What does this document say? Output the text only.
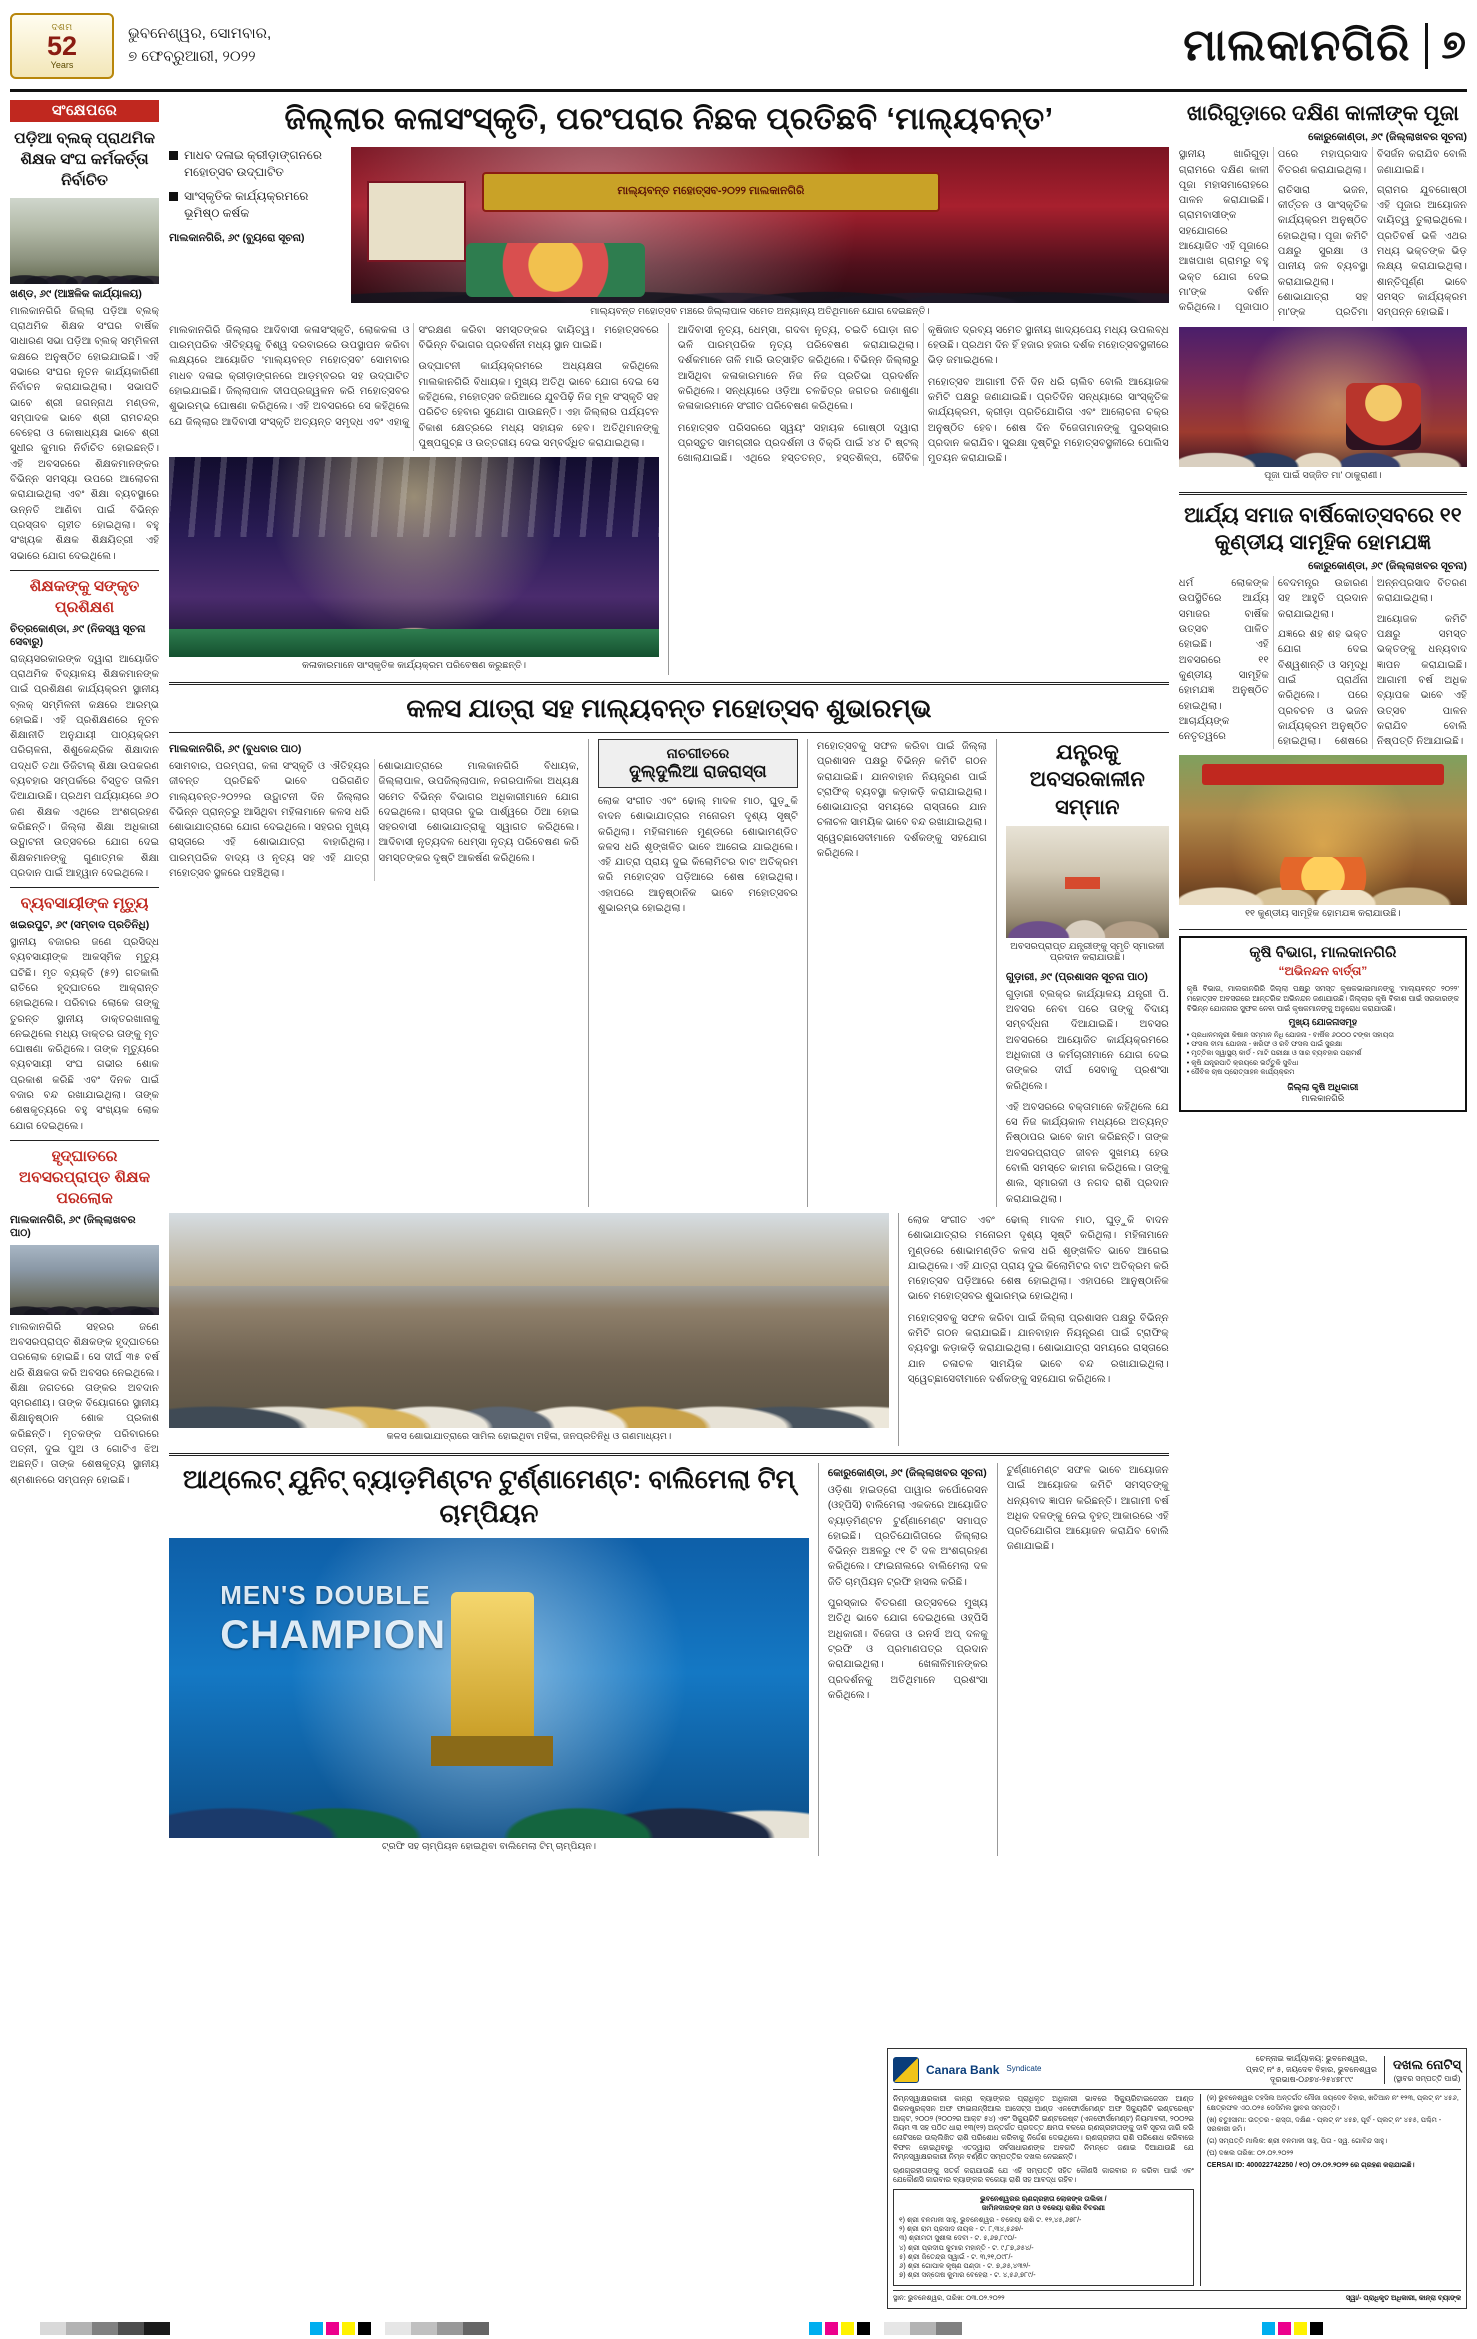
ଦଶମ
52
Years
ଭୁବନେଶ୍ୱର, ସୋମବାର,
୭ ଫେବ୍ରୁଆରୀ, ୨୦୨୨	ମାଲକାନଗିରି ୭
ସଂକ୍ଷେପରେ
ପଡ଼ିଆ ବ୍ଲକ୍ ପ୍ରାଥମିକ ଶିକ୍ଷକ ସଂଘ କର୍ମକର୍ତ୍ତା ନିର୍ବାଚିତ
ଖଣ୍ଡ, ୬୯ (ଆଞ୍ଚଳିକ କାର୍ଯ୍ୟାଳୟ)
ମାଲକାନଗିରି ଜିଲ୍ଲା ପଡ଼ିଆ ବ୍ଲକ୍ ପ୍ରାଥମିକ ଶିକ୍ଷକ ସଂଘର ବାର୍ଷିକ ସାଧାରଣ ସଭା ପଡ଼ିଆ ବ୍ଲକ୍ ସମ୍ମିଳନୀ କକ୍ଷରେ ଅନୁଷ୍ଠିତ ହୋଇଯାଇଛି। ଏହି ସଭାରେ ସଂଘର ନୂତନ କାର୍ଯ୍ୟକାରିଣୀ ନିର୍ବାଚନ କରାଯାଇଥିଲା। ସଭାପତି ଭାବେ ଶ୍ରୀ ଜଗନ୍ନାଥ ମଣ୍ଡଳ, ସମ୍ପାଦକ ଭାବେ ଶ୍ରୀ ରାମଚନ୍ଦ୍ର ବେହେରା ଓ କୋଷାଧ୍ୟକ୍ଷ ଭାବେ ଶ୍ରୀ ସୁଧୀର କୁମାର ନିର୍ବାଚିତ ହୋଇଛନ୍ତି। ଏହି ଅବସରରେ ଶିକ୍ଷକମାନଙ୍କର ବିଭିନ୍ନ ସମସ୍ୟା ଉପରେ ଆଲୋଚନା କରାଯାଇଥିଲା ଏବଂ ଶିକ୍ଷା ବ୍ୟବସ୍ଥାରେ ଉନ୍ନତି ଆଣିବା ପାଇଁ ବିଭିନ୍ନ ପ୍ରସ୍ତାବ ଗୃହୀତ ହୋଇଥିଲା। ବହୁ ସଂଖ୍ୟକ ଶିକ୍ଷକ ଶିକ୍ଷୟିତ୍ରୀ ଏହି ସଭାରେ ଯୋଗ ଦେଇଥିଲେ।
ଶିକ୍ଷକଙ୍କୁ ସଙ୍କୃତ ପ୍ରଶିକ୍ଷଣ
ଚିତ୍ରକୋଣ୍ଡା, ୬୯ (ନିଜସ୍ୱ ସୂଚନା ସେବାରୁ)
ରାଜ୍ୟସରକାରଙ୍କ ଦ୍ୱାରା ଆୟୋଜିତ ପ୍ରାଥମିକ ବିଦ୍ୟାଳୟ ଶିକ୍ଷକମାନଙ୍କ ପାଇଁ ପ୍ରଶିକ୍ଷଣ କାର୍ଯ୍ୟକ୍ରମ ସ୍ଥାନୀୟ ବ୍ଲକ୍ ସମ୍ମିଳନୀ କକ୍ଷରେ ଆରମ୍ଭ ହୋଇଛି। ଏହି ପ୍ରଶିକ୍ଷଣରେ ନୂତନ ଶିକ୍ଷାନୀତି ଅନୁଯାୟୀ ପାଠ୍ୟକ୍ରମ ପରିଚାଳନା, ଶିଶୁକେନ୍ଦ୍ରିକ ଶିକ୍ଷାଦାନ ପଦ୍ଧତି ତଥା ଡିଜିଟାଲ୍ ଶିକ୍ଷା ଉପକରଣ ବ୍ୟବହାର ସମ୍ପର୍କରେ ବିସ୍ତୃତ ତାଲିମ ଦିଆଯାଉଛି। ପ୍ରଥମ ପର୍ଯ୍ୟାୟରେ ୬୦ ଜଣ ଶିକ୍ଷକ ଏଥିରେ ଅଂଶଗ୍ରହଣ କରିଛନ୍ତି। ଜିଲ୍ଲା ଶିକ୍ଷା ଅଧିକାରୀ ଉଦ୍ଘାଟନୀ ଉତ୍ସବରେ ଯୋଗ ଦେଇ ଶିକ୍ଷକମାନଙ୍କୁ ଗୁଣାତ୍ମକ ଶିକ୍ଷା ପ୍ରଦାନ ପାଇଁ ଆହ୍ୱାନ ଦେଇଥିଲେ।
ବ୍ୟବସାୟୀଙ୍କ ମୃତ୍ୟୁ
ଖଇରପୁଟ, ୬୯ (ସମ୍ବାଦ ପ୍ରତିନିଧି)
ସ୍ଥାନୀୟ ବଜାରର ଜଣେ ପ୍ରସିଦ୍ଧ ବ୍ୟବସାୟୀଙ୍କ ଆକସ୍ମିକ ମୃତ୍ୟୁ ଘଟିଛି। ମୃତ ବ୍ୟକ୍ତି (୫୨) ଗତକାଲି ରାତିରେ ହୃଦ୍‌ଘାତରେ ଆକ୍ରାନ୍ତ ହୋଇଥିଲେ। ପରିବାର ଲୋକେ ତାଙ୍କୁ ତୁରନ୍ତ ସ୍ଥାନୀୟ ଡାକ୍ତରଖାନାକୁ ନେଇଥିଲେ ମଧ୍ୟ ଡାକ୍ତର ତାଙ୍କୁ ମୃତ ଘୋଷଣା କରିଥିଲେ। ତାଙ୍କ ମୃତ୍ୟୁରେ ବ୍ୟବସାୟୀ ସଂଘ ଗଭୀର ଶୋକ ପ୍ରକାଶ କରିଛି ଏବଂ ଦିନକ ପାଇଁ ବଜାର ବନ୍ଦ ରଖାଯାଇଥିଲା। ତାଙ୍କ ଶେଷକୃତ୍ୟରେ ବହୁ ସଂଖ୍ୟକ ଲୋକ ଯୋଗ ଦେଇଥିଲେ।
ହୃଦ୍‌ଘାତରେ ଅବସରପ୍ରାପ୍ତ ଶିକ୍ଷକ ପରଲୋକ
ମାଲକାନଗିରି, ୬୯ (ଜିଲ୍ଲାଖବର ପାଠ)
ମାଲକାନଗିରି ସହରର ଜଣେ ଅବସରପ୍ରାପ୍ତ ଶିକ୍ଷକଙ୍କ ହୃଦ୍‌ଘାତରେ ପରଲୋକ ହୋଇଛି। ସେ ଦୀର୍ଘ ୩୫ ବର୍ଷ ଧରି ଶିକ୍ଷକତା କରି ଅବସର ନେଇଥିଲେ। ଶିକ୍ଷା ଜଗତରେ ତାଙ୍କର ଅବଦାନ ସ୍ମରଣୀୟ। ତାଙ୍କ ବିୟୋଗରେ ସ୍ଥାନୀୟ ଶିକ୍ଷାନୁଷ୍ଠାନ ଶୋକ ପ୍ରକାଶ କରିଛନ୍ତି। ମୃତକଙ୍କ ପରିବାରରେ ପତ୍ନୀ, ଦୁଇ ପୁଅ ଓ ଗୋଟିଏ ଝିଅ ଅଛନ୍ତି। ତାଙ୍କ ଶେଷକୃତ୍ୟ ସ୍ଥାନୀୟ ଶ୍ମଶାନରେ ସମ୍ପନ୍ନ ହୋଇଛି।
ଜିଲ୍ଲାର କଳା‌ସଂସ୍କୃତି, ପରଂପରାର ନିଛକ ପ୍ରତିଛବି ‘ମାଲ୍ୟବନ୍ତ’
ମାଧବ ଦଳାଇ କ୍ରୀଡ଼ାଙ୍ଗନରେ ମହୋତ୍ସବ ଉଦ୍‌ଘାଟିତ
ସାଂସ୍କୃତିକ କାର୍ଯ୍ୟକ୍ରମରେ ଭୂମିଷ୍ଠ କର୍ଷକ
ମାଲକାନଗିରି, ୬୯ (ବ୍ୟୁରୋ ସୂଚନା)
ମାଲ୍ୟବନ୍ତ ମହୋତ୍ସବ-୨୦୨୨ ମାଲକାନଗିରି
ମାଲ୍ୟବନ୍ତ ମହୋତ୍ସବ ମଞ୍ଚରେ ଜିଲ୍ଲାପାଳ ସମେତ ଅନ୍ୟାନ୍ୟ ଅତିଥିମାନେ ଯୋଗ ଦେଇଛନ୍ତି।
ମାଲକାନଗିରି ଜିଲ୍ଲାର ଆଦିବାସୀ କଳା‌ସଂସ୍କୃତି, ଲୋକକଳା ଓ ପାରମ୍ପରିକ ଐତିହ୍ୟକୁ ବିଶ୍ୱ ଦରବାରରେ ଉପସ୍ଥାପନ କରିବା ଲକ୍ଷ୍ୟରେ ଆୟୋଜିତ ‘ମାଲ୍ୟବନ୍ତ ମହୋତ୍ସବ’ ସୋମବାର ମାଧବ ଦଳାଇ କ୍ରୀଡ଼ାଙ୍ଗନରେ ଆଡ଼ମ୍ବରର ସହ ଉଦ୍‌ଘାଟିତ ହୋଇଯାଇଛି। ଜିଲ୍ଲାପାଳ ଦୀପପ୍ରଜ୍ୱଳନ କରି ମହୋତ୍ସବର ଶୁଭାରମ୍ଭ ଘୋଷଣା କରିଥିଲେ। ଏହି ଅବସରରେ ସେ କହିଥିଲେ ଯେ ଜିଲ୍ଲାର ଆଦିବାସୀ ସଂସ୍କୃତି ଅତ୍ୟନ୍ତ ସମୃଦ୍ଧ ଏବଂ ଏହାକୁ ସଂରକ୍ଷଣ କରିବା ସମସ୍ତଙ୍କର ଦାୟିତ୍ୱ। ମହୋତ୍ସବରେ ବିଭିନ୍ନ ବିଭାଗର ପ୍ରଦର୍ଶନୀ ମଧ୍ୟ ସ୍ଥାନ ପାଇଛି।
ଉଦ୍‌ଘାଟନୀ କାର୍ଯ୍ୟକ୍ରମରେ ଅଧ୍ୟକ୍ଷତା କରିଥିଲେ ମାଲକାନଗିରି ବିଧାୟକ। ମୁଖ୍ୟ ଅତିଥି ଭାବେ ଯୋଗ ଦେଇ ସେ କହିଥିଲେ, ମହୋତ୍ସବ ଜରିଆରେ ଯୁବପିଢ଼ି ନିଜ ମୂଳ ସଂସ୍କୃତି ସହ ପରିଚିତ ହେବାର ସୁଯୋଗ ପାଉଛନ୍ତି। ଏହା ଜିଲ୍ଲାର ପର୍ଯ୍ୟଟନ ବିକାଶ କ୍ଷେତ୍ରରେ ମଧ୍ୟ ସହାୟକ ହେବ। ଅତିଥିମାନଙ୍କୁ ପୁଷ୍ପଗୁଚ୍ଛ ଓ ଉତ୍ତରୀୟ ଦେଇ ସମ୍ବର୍ଦ୍ଧିତ କରାଯାଇଥିଲା।
କଳାକାରମାନେ ସାଂସ୍କୃତିକ କାର୍ଯ୍ୟକ୍ରମ ପରିବେଷଣ କରୁଛନ୍ତି।
ଆଦିବାସୀ ନୃତ୍ୟ, ଧେମ୍‌ସା, ଗଦବା ନୃତ୍ୟ, ଚଇତି ଘୋଡ଼ା ନାଚ ଭଳି ପାରମ୍ପରିକ ନୃତ୍ୟ ପରିବେଷଣ କରାଯାଇଥିଲା। ଦର୍ଶକମାନେ ତାଳି ମାରି ଉତ୍ସାହିତ କରିଥିଲେ। ବିଭିନ୍ନ ଜିଲ୍ଲାରୁ ଆସିଥିବା କଳାକାରମାନେ ନିଜ ନିଜ ପ୍ରତିଭା ପ୍ରଦର୍ଶନ କରିଥିଲେ। ସନ୍ଧ୍ୟାରେ ଓଡ଼ିଆ ଚଳଚ୍ଚିତ୍ର ଜଗତର ଜଣାଶୁଣା କଳାକାରମାନେ ସଂଗୀତ ପରିବେଷଣ କରିଥିଲେ।
ମହୋତ୍ସବ ପରିସରରେ ସ୍ୱୟଂ ସହାୟକ ଗୋଷ୍ଠୀ ଦ୍ୱାରା ପ୍ରସ୍ତୁତ ସାମଗ୍ରୀର ପ୍ରଦର୍ଶନୀ ଓ ବିକ୍ରି ପାଇଁ ୪୪ ଟି ଷ୍ଟଲ୍ ଖୋଲାଯାଇଛି। ଏଥିରେ ହସ୍ତତନ୍ତ, ହସ୍ତଶିଳ୍ପ, ଜୈବିକ କୃଷିଜାତ ଦ୍ରବ୍ୟ ସମେତ ସ୍ଥାନୀୟ ଖାଦ୍ୟପେୟ ମଧ୍ୟ ଉପଲବ୍ଧ ହେଉଛି। ପ୍ରଥମ ଦିନ ହିଁ ହଜାର ହଜାର ଦର୍ଶକ ମହୋତ୍ସବସ୍ଥଳୀରେ ଭିଡ଼ ଜମାଇଥିଲେ।
ମହୋତ୍ସବ ଆଗାମୀ ତିନି ଦିନ ଧରି ଚାଲିବ ବୋଲି ଆୟୋଜକ କମିଟି ପକ୍ଷରୁ ଜଣାଯାଇଛି। ପ୍ରତିଦିନ ସନ୍ଧ୍ୟାରେ ସାଂସ୍କୃତିକ କାର୍ଯ୍ୟକ୍ରମ, କ୍ରୀଡ଼ା ପ୍ରତିଯୋଗିତା ଏବଂ ଆଲୋଚନା ଚକ୍ର ଅନୁଷ୍ଠିତ ହେବ। ଶେଷ ଦିନ ବିଜେତାମାନଙ୍କୁ ପୁରସ୍କାର ପ୍ରଦାନ କରାଯିବ। ସୁରକ୍ଷା ଦୃଷ୍ଟିରୁ ମହୋତ୍ସବସ୍ଥଳୀରେ ପୋଲିସ ମୁତୟନ କରାଯାଇଛି।
କଳସ ଯାତ୍ରା ସହ ମାଲ୍ୟବନ୍ତ ମହୋତ୍ସବ ଶୁଭାରମ୍ଭ
ମାଲକାନଗିରି, ୬୯ (ବୁଧବାର ପାଠ)
ସୋମବାର, ପରମ୍ପରା, କଳା ସଂସ୍କୃତି ଓ ଐତିହ୍ୟର ଜୀବନ୍ତ ପ୍ରତିଛବି ଭାବେ ପରିଗଣିତ ମାଲ୍ୟବନ୍ତ-୨୦୨୨ର ଉଦ୍ଘାଟନୀ ଦିନ ଜିଲ୍ଲାର ବିଭିନ୍ନ ପ୍ରାନ୍ତରୁ ଆସିଥିବା ମହିଳାମାନେ କଳସ ଧରି ଶୋଭାଯାତ୍ରାରେ ଯୋଗ ଦେଇଥିଲେ। ସହରର ମୁଖ୍ୟ ରାସ୍ତାରେ ଏହି ଶୋଭାଯାତ୍ରା ବାହାରିଥିଲା। ପାରମ୍ପରିକ ବାଦ୍ୟ ଓ ନୃତ୍ୟ ସହ ଏହି ଯାତ୍ରା ମହୋତ୍ସବ ସ୍ଥଳରେ ପହଞ୍ଚିଥିଲା।
ଶୋଭାଯାତ୍ରାରେ ମାଲକାନଗିରି ବିଧାୟକ, ଜିଲ୍ଲାପାଳ, ଉପଜିଲ୍ଲାପାଳ, ନଗରପାଳିକା ଅଧ୍ୟକ୍ଷ ସମେତ ବିଭିନ୍ନ ବିଭାଗର ଅଧିକାରୀମାନେ ଯୋଗ ଦେଇଥିଲେ। ରାସ୍ତାର ଦୁଇ ପାର୍ଶ୍ୱରେ ଠିଆ ହୋଇ ସହରବାସୀ ଶୋଭାଯାତ୍ରାକୁ ସ୍ୱାଗତ କରିଥିଲେ। ଆଦିବାସୀ ନୃତ୍ୟଦଳ ଧେମ୍‌ସା ନୃତ୍ୟ ପରିବେଷଣ କରି ସମସ୍ତଙ୍କର ଦୃଷ୍ଟି ଆକର୍ଷଣ କରିଥିଲେ।
ନାଚଗୀତରେ
ଦୁଲ୍‌ଦୁଲିଆ ରାଜରାସ୍ତା
ଲୋକ ସଂଗୀତ ଏବଂ ଢୋଲ୍ ମାଦଳ ମାଠ, ଘୁଡ଼ୁକି ବାଦନ ଶୋଭାଯାତ୍ରାର ମନୋରମ ଦୃଶ୍ୟ ସୃଷ୍ଟି କରିଥିଲା। ମହିଳାମାନେ ମୁଣ୍ଡରେ ଶୋଭାମଣ୍ଡିତ କଳସ ଧରି ଶୃଙ୍ଖଳିତ ଭାବେ ଆଗେଇ ଯାଇଥିଲେ। ଏହି ଯାତ୍ରା ପ୍ରାୟ ଦୁଇ କିଲୋମିଟର ବାଟ ଅତିକ୍ରମ କରି ମହୋତ୍ସବ ପଡ଼ିଆରେ ଶେଷ ହୋଇଥିଲା। ଏହାପରେ ଆନୁଷ୍ଠାନିକ ଭାବେ ମହୋତ୍ସବର ଶୁଭାରମ୍ଭ ହୋଇଥିଲା।
ମହୋତ୍ସବକୁ ସଫଳ କରିବା ପାଇଁ ଜିଲ୍ଲା ପ୍ରଶାସନ ପକ୍ଷରୁ ବିଭିନ୍ନ କମିଟି ଗଠନ କରାଯାଇଛି। ଯାନବାହାନ ନିୟନ୍ତ୍ରଣ ପାଇଁ ଟ୍ରାଫିକ୍ ବ୍ୟବସ୍ଥା କଡ଼ାକଡ଼ି କରାଯାଇଥିଲା। ଶୋଭାଯାତ୍ରା ସମୟରେ ରାସ୍ତାରେ ଯାନ ଚଳାଚଳ ସାମୟିକ ଭାବେ ବନ୍ଦ ରଖାଯାଇଥିଲା। ସ୍ୱେଚ୍ଛାସେବୀମାନେ ଦର୍ଶକଙ୍କୁ ସହଯୋଗ କରିଥିଲେ।
ଯନ୍ତ୍ରକୁ ଅବସରକାଳୀନ ସମ୍ମାନ
ଅବସରପ୍ରାପ୍ତ ଯନ୍ତ୍ରୀଙ୍କୁ ସ୍ମୃତି ସ୍ମାରକୀ ପ୍ରଦାନ କରାଯାଉଛି।
ଗୁଡ଼ାରୀ, ୬୯ (ପ୍ରଶାସନ ସୂଚନା ପାଠ)
ଗୁଡ଼ାରୀ ବ୍ଲକ୍‌ର କାର୍ଯ୍ୟାଳୟ ଯନ୍ତ୍ରୀ ପି. ଅବସର ନେବା ପରେ ତାଙ୍କୁ ବିଦାୟ ସମ୍ବର୍ଦ୍ଧନା ଦିଆଯାଇଛି। ଅବସର ଅବସରରେ ଆୟୋଜିତ କାର୍ଯ୍ୟକ୍ରମରେ ଅଧିକାରୀ ଓ କର୍ମଚାରୀମାନେ ଯୋଗ ଦେଇ ତାଙ୍କର ଦୀର୍ଘ ସେବାକୁ ପ୍ରଶଂସା କରିଥିଲେ।
ଏହି ଅବସରରେ ବକ୍ତାମାନେ କହିଥିଲେ ଯେ ସେ ନିଜ କାର୍ଯ୍ୟକାଳ ମଧ୍ୟରେ ଅତ୍ୟନ୍ତ ନିଷ୍ଠାପର ଭାବେ କାମ କରିଛନ୍ତି। ତାଙ୍କ ଅବସରପ୍ରାପ୍ତ ଜୀବନ ସୁଖମୟ ହେଉ ବୋଲି ସମସ୍ତେ କାମନା କରିଥିଲେ। ତାଙ୍କୁ ଶାଲ, ସ୍ମାରକୀ ଓ ନଗଦ ରାଶି ପ୍ରଦାନ କରାଯାଇଥିଲା।
କଳସ ଶୋଭାଯାତ୍ରାରେ ସାମିଲ ହୋଇଥିବା ମହିଳା, ଜନପ୍ରତିନିଧି ଓ ଗଣମାଧ୍ୟମ।
ଲୋକ ସଂଗୀତ ଏବଂ ଢୋଲ୍ ମାଦଳ ମାଠ, ଘୁଡ଼ୁକି ବାଦନ ଶୋଭାଯାତ୍ରାର ମନୋରମ ଦୃଶ୍ୟ ସୃଷ୍ଟି କରିଥିଲା। ମହିଳାମାନେ ମୁଣ୍ଡରେ ଶୋଭାମଣ୍ଡିତ କଳସ ଧରି ଶୃଙ୍ଖଳିତ ଭାବେ ଆଗେଇ ଯାଇଥିଲେ। ଏହି ଯାତ୍ରା ପ୍ରାୟ ଦୁଇ କିଲୋମିଟର ବାଟ ଅତିକ୍ରମ କରି ମହୋତ୍ସବ ପଡ଼ିଆରେ ଶେଷ ହୋଇଥିଲା। ଏହାପରେ ଆନୁଷ୍ଠାନିକ ଭାବେ ମହୋତ୍ସବର ଶୁଭାରମ୍ଭ ହୋଇଥିଲା।
ମହୋତ୍ସବକୁ ସଫଳ କରିବା ପାଇଁ ଜିଲ୍ଲା ପ୍ରଶାସନ ପକ୍ଷରୁ ବିଭିନ୍ନ କମିଟି ଗଠନ କରାଯାଇଛି। ଯାନବାହାନ ନିୟନ୍ତ୍ରଣ ପାଇଁ ଟ୍ରାଫିକ୍ ବ୍ୟବସ୍ଥା କଡ଼ାକଡ଼ି କରାଯାଇଥିଲା। ଶୋଭାଯାତ୍ରା ସମୟରେ ରାସ୍ତାରେ ଯାନ ଚଳାଚଳ ସାମୟିକ ଭାବେ ବନ୍ଦ ରଖାଯାଇଥିଲା। ସ୍ୱେଚ୍ଛାସେବୀମାନେ ଦର୍ଶକଙ୍କୁ ସହଯୋଗ କରିଥିଲେ।
ଆଥ୍‌ଲେଟ୍ ଯୁନିଟ୍ ବ୍ୟାଡ଼ମିଣ୍ଟନ ଟୁର୍ଣ୍ଣାମେଣ୍ଟ: ବାଲିମେଲା ଟିମ୍ ଚାମ୍ପିୟନ
MEN'S DOUBLE
CHAMPION
ଟ୍ରଫି ସହ ଚାମ୍ପିୟନ ହୋଇଥିବା ବାଲିମେଲା ଟିମ୍ ଚାମ୍ପିୟନ।
କୋରୁକୋଣ୍ଡା, ୬୯ (ଜିଲ୍ଲାଖବର ସୂଚନା)
ଓଡ଼ିଶା ହାଇଡ୍ରୋ ପାୱାର କର୍ପୋରେସନ (ଓହ୍‌ପିସି) ବାଲିମେଲା ଏକକରେ ଆୟୋଜିତ ବ୍ୟାଡ଼ମିଣ୍ଟନ ଟୁର୍ଣ୍ଣାମେଣ୍ଟ ସମାପ୍ତ ହୋଇଛି। ପ୍ରତିଯୋଗିତାରେ ଜିଲ୍ଲାର ବିଭିନ୍ନ ଅଞ୍ଚଳରୁ ୯୧ ଟି ଦଳ ଅଂଶଗ୍ରହଣ କରିଥିଲେ। ଫାଇନାଲରେ ବାଲିମେଲା ଦଳ ଜିତି ଚାମ୍ପିୟନ ଟ୍ରଫି ହାସଲ କରିଛି।
ପୁରସ୍କାର ବିତରଣୀ ଉତ୍ସବରେ ମୁଖ୍ୟ ଅତିଥି ଭାବେ ଯୋଗ ଦେଇଥିଲେ ଓହ୍‌ପିସି ଅଧିକାରୀ। ବିଜେତା ଓ ରନର୍ସ ଅପ୍ ଦଳକୁ ଟ୍ରଫି ଓ ପ୍ରମାଣପତ୍ର ପ୍ରଦାନ କରାଯାଇଥିଲା। ଖେଳାଳିମାନଙ୍କର ପ୍ରଦର୍ଶନକୁ ଅତିଥିମାନେ ପ୍ରଶଂସା କରିଥିଲେ।
ଟୁର୍ଣ୍ଣାମେଣ୍ଟ ସଫଳ ଭାବେ ଆୟୋଜନ ପାଇଁ ଆୟୋଜକ କମିଟି ସମସ୍ତଙ୍କୁ ଧନ୍ୟବାଦ ଜ୍ଞାପନ କରିଛନ୍ତି। ଆଗାମୀ ବର୍ଷ ଅଧିକ ଦଳଙ୍କୁ ନେଇ ବୃହତ୍ ଆକାରରେ ଏହି ପ୍ରତିଯୋଗିତା ଆୟୋଜନ କରାଯିବ ବୋଲି ଜଣାଯାଇଛି।
ଖାରିଗୁଡ଼ାରେ ଦକ୍ଷିଣ କାଳୀଙ୍କ ପୂଜା
କୋରୁକୋଣ୍ଡା, ୬୯ (ଜିଲ୍ଲାଖବର ସୂଚନା)
ସ୍ଥାନୀୟ ଖାରିଗୁଡ଼ା ଗ୍ରାମରେ ଦକ୍ଷିଣ କାଳୀ ପୂଜା ମହାସମାରୋହରେ ପାଳନ କରାଯାଇଛି। ଗ୍ରାମବାସୀଙ୍କ ସହଯୋଗରେ ଆୟୋଜିତ ଏହି ପୂଜାରେ ଆଖପାଖ ଗ୍ରାମରୁ ବହୁ ଭକ୍ତ ଯୋଗ ଦେଇ ମା'ଙ୍କ ଦର୍ଶନ କରିଥିଲେ। ପୂଜାପାଠ ପରେ ମହାପ୍ରସାଦ ବିତରଣ କରାଯାଇଥିଲା।
ରାତିସାରା ଭଜନ, କୀର୍ତ୍ତନ ଓ ସାଂସ୍କୃତିକ କାର୍ଯ୍ୟକ୍ରମ ଅନୁଷ୍ଠିତ ହୋଇଥିଲା। ପୂଜା କମିଟି ପକ୍ଷରୁ ସୁରକ୍ଷା ଓ ପାନୀୟ ଜଳ ବ୍ୟବସ୍ଥା କରାଯାଇଥିଲା। ଶୋଭାଯାତ୍ରା ସହ ମା'ଙ୍କ ପ୍ରତିମା ବିସର୍ଜନ କରାଯିବ ବୋଲି ଜଣାଯାଇଛି।
ଗ୍ରାମର ଯୁବଗୋଷ୍ଠୀ ଏହି ପୂଜାର ଆୟୋଜନ ଦାୟିତ୍ୱ ତୁଲାଇଥିଲେ। ପ୍ରତିବର୍ଷ ଭଳି ଏଥର ମଧ୍ୟ ଭକ୍ତଙ୍କ ଭିଡ଼ ଲକ୍ଷ୍ୟ କରାଯାଇଥିଲା। ଶାନ୍ତିପୂର୍ଣ୍ଣ ଭାବେ ସମସ୍ତ କାର୍ଯ୍ୟକ୍ରମ ସମ୍ପନ୍ନ ହୋଇଛି।
ପୂଜା ପାଇଁ ସଜ୍ଜିତ ମା' ଠାକୁରାଣୀ।
ଆର୍ଯ୍ୟ ସମାଜ ବାର୍ଷିକୋତ୍ସବରେ ୧୧ କୁଣ୍ଡୀୟ ସାମୂହିକ ହୋମଯଜ୍ଞ
କୋରୁକୋଣ୍ଡା, ୬୯ (ଜିଲ୍ଲାଖବର ସୂଚନା)
ଧର୍ମ ଲୋକଙ୍କ ଉପସ୍ଥିତିରେ ଆର୍ଯ୍ୟ ସମାଜର ବାର୍ଷିକ ଉତ୍ସବ ପାଳିତ ହୋଇଛି। ଏହି ଅବସରରେ ୧୧ କୁଣ୍ଡୀୟ ସାମୂହିକ ହୋମଯଜ୍ଞ ଅନୁଷ୍ଠିତ ହୋଇଥିଲା। ଆଚାର୍ଯ୍ୟଙ୍କ ନେତୃତ୍ୱରେ ବେଦମନ୍ତ୍ର ଉଚ୍ଚାରଣ ସହ ଆହୁତି ପ୍ରଦାନ କରାଯାଇଥିଲା।
ଯଜ୍ଞରେ ଶହ ଶହ ଭକ୍ତ ଯୋଗ ଦେଇ ବିଶ୍ୱଶାନ୍ତି ଓ ସମୃଦ୍ଧି ପାଇଁ ପ୍ରାର୍ଥନା କରିଥିଲେ। ପରେ ପ୍ରବଚନ ଓ ଭଜନ କାର୍ଯ୍ୟକ୍ରମ ଅନୁଷ୍ଠିତ ହୋଇଥିଲା। ଶେଷରେ ଅନ୍ନପ୍ରସାଦ ବିତରଣ କରାଯାଇଥିଲା।
ଆୟୋଜକ କମିଟି ପକ୍ଷରୁ ସମସ୍ତ ଭକ୍ତଙ୍କୁ ଧନ୍ୟବାଦ ଜ୍ଞାପନ କରାଯାଇଛି। ଆଗାମୀ ବର୍ଷ ଅଧିକ ବ୍ୟାପକ ଭାବେ ଏହି ଉତ୍ସବ ପାଳନ କରାଯିବ ବୋଲି ନିଷ୍ପତ୍ତି ନିଆଯାଇଛି।
୧୧ କୁଣ୍ଡୀୟ ସାମୂହିକ ହୋମଯଜ୍ଞ କରାଯାଉଛି।
କୃଷି ବିଭାଗ, ମାଲକାନଗିରି
“ଅଭିନନ୍ଦନ ବାର୍ତ୍ତା”
କୃଷି ବିଭାଗ, ମାଲକାନଗିରି ଜିଲ୍ଲା ପକ୍ଷରୁ ସମସ୍ତ କୃଷକଭାଇମାନଙ୍କୁ ‘ମାଲ୍ୟବନ୍ତ ୨୦୨୨’ ମହୋତ୍ସବ ଅବସରରେ ଆନ୍ତରିକ ଅଭିନନ୍ଦନ ଜଣାଯାଉଛି। ଜିଲ୍ଲାର କୃଷି ବିକାଶ ପାଇଁ ସରକାରଙ୍କ ବିଭିନ୍ନ ଯୋଜନାର ସୁଫଳ ନେବା ପାଇଁ କୃଷକମାନଙ୍କୁ ଅନୁରୋଧ କରାଯାଉଛି।
ମୁଖ୍ୟ ଯୋଜନାସମୂହ
• ପ୍ରଧାନମନ୍ତ୍ରୀ କିଷାନ ସମ୍ମାନ ନିଧି ଯୋଜନା - ବାର୍ଷିକ ୬୦୦୦ ଟଙ୍କା ସହାୟତା
• ଫସଲ ବୀମା ଯୋଜନା - ଖରିଫ ଓ ରବି ଫସଲ ପାଇଁ ସୁରକ୍ଷା
• ମୃତ୍ତିକା ସ୍ୱାସ୍ଥ୍ୟ କାର୍ଡ - ମାଟି ପରୀକ୍ଷା ଓ ସାର ବ୍ୟବହାର ପରାମର୍ଶ
• କୃଷି ଯନ୍ତ୍ରପାତି କ୍ରୟରେ ଭର୍ତ୍ତୁକି ସୁବିଧା
• ଜୈବିକ ଚାଷ ପ୍ରୋତ୍ସାହନ କାର୍ଯ୍ୟକ୍ରମ
ଜିଲ୍ଲା କୃଷି ଅଧିକାରୀ
ମାଲକାନଗିରି
Canara Bank Syndicate
ଚେନ୍ନାଇ କାର୍ଯ୍ୟାଳୟ: ଭୁବନେଶ୍ୱର,
ପ୍ଲଟ୍ ନଂ ୫, ଜୟଦେବ ବିହାର, ଭୁବନେଶ୍ୱର
ଦୂରଭାଷ-୦୬୭୪-୨୫୪୭୮୯୯
ଦଖଲ ନୋଟିସ୍
(ସ୍ଥାବର ସମ୍ପତ୍ତି ପାଇଁ)
ନିମ୍ନସ୍ୱାକ୍ଷରକାରୀ କାନ୍‌ରା ବ୍ୟାଙ୍କର ପ୍ରାଧିକୃତ ଅଧିକାରୀ ଭାବରେ ସିକ୍ୟୁରିଟାଇଜେସନ ଆଣ୍ଡ ରିକନଷ୍ଟ୍ରକ୍ସନ ଅଫ ଫାଇନାନ୍ସିଆଲ ଆସେଟ୍ସ ଆଣ୍ଡ ଏନଫୋର୍ସମେଣ୍ଟ ଅଫ ସିକ୍ୟୁରିଟି ଇଣ୍ଟରେଷ୍ଟ ଆକ୍ଟ, ୨୦୦୨ (୨୦୦୨ର ଆକ୍ଟ ୫୪) ଏବଂ ସିକ୍ୟୁରିଟି ଇଣ୍ଟରେଷ୍ଟ (ଏନଫୋର୍ସମେଣ୍ଟ) ନିୟମାବଳୀ, ୨୦୦୨ର ନିୟମ ୩ ସହ ପଠିତ ଧାରା ୧୩(୧୨) ଅନ୍ତର୍ଗତ ପ୍ରଦତ୍ତ କ୍ଷମତା ବଳରେ ଋଣଗ୍ରହୀତାଙ୍କୁ ଦାବି ସୂଚନା ଜାରି କରି ନୋଟିସରେ ଉଲ୍ଲିଖିତ ରାଶି ପରିଶୋଧ କରିବାକୁ ନିର୍ଦ୍ଦେଶ ଦେଇଥିଲେ। ଋଣଗ୍ରହୀତା ରାଶି ପରିଶୋଧ କରିବାରେ ବିଫଳ ହୋଇଥିବାରୁ ଏତଦ୍ୱାରା ସର୍ବସାଧାରଣଙ୍କ ଅବଗତି ନିମନ୍ତେ ଜଣାଇ ଦିଆଯାଉଛି ଯେ ନିମ୍ନସ୍ୱାକ୍ଷରକାରୀ ନିମ୍ନ ବର୍ଣ୍ଣିତ ସମ୍ପତ୍ତିର ଦଖଲ ନେଇଛନ୍ତି।
ଋଣଗ୍ରହୀତାଙ୍କୁ ସତର୍କ କରାଯାଉଛି ଯେ ଏହି ସମ୍ପତ୍ତି ସହିତ କୌଣସି କାରବାର ନ କରିବା ପାଇଁ ଏବଂ ଯେକୌଣସି କାରବାର ବ୍ୟାଙ୍କର ବକେୟା ରାଶି ସହ ଆବଦ୍ଧ ରହିବ।
ଭୁବନେଶ୍ୱରର ଋଣଗ୍ରହୀତା ଲୋକଙ୍କ ତାଲିକା /
ଜାମିନଦାରଙ୍କ ନାମ ଓ ବକେୟା ରାଶିର ବିବରଣୀ
୧) ଶ୍ରୀ ବନମାଳୀ ସାହୁ, ଭୁବନେଶ୍ୱର - ବକେୟା ରାଶି ଟ. ୧୨,୪୫,୬୭୮/-
୨) ଶ୍ରୀ ରାମ ପ୍ରସାଦ ନାୟକ - ଟ. ୮,୩୪,୫୬୭/-
୩) ଶ୍ରୀମତୀ ସୁଶୀଳା ଦେବୀ - ଟ. ୫,୬୭,୮୯୦/-
୪) ଶ୍ରୀ ପ୍ରଦୀପ କୁମାର ମହାନ୍ତି - ଟ. ୯,୮୭,୬୫୪/-
୫) ଶ୍ରୀ ଜିତେନ୍ଦ୍ର ସ୍ୱାଇଁ - ଟ. ୩,୨୧,୦୯୮/-
୬) ଶ୍ରୀ ଗୋପାଳ କୃଷ୍ଣ ପଣ୍ଡା - ଟ. ୭,୬୫,୪୩୨/-
୭) ଶ୍ରୀ ସନ୍ତୋଷ କୁମାର ବେହେରା - ଟ. ୪,୫୬,୭୮୯/-
(କ) ଭୁବନେଶ୍ୱର ତହସିଲ ଅନ୍ତର୍ଗତ ମୌଜା ଜୟଦେବ ବିହାର, ଖତିଆନ ନଂ ୧୨୩, ପ୍ଲଟ୍ ନଂ ୪୫୬, କ୍ଷେତ୍ରଫଳ ଏ୦.୦୨୫ ଡେସିମିଲ ସ୍ଥାବର ସମ୍ପତ୍ତି।
(ଖ) ଚତୁଃସୀମା: ଉତ୍ତର - ରାସ୍ତା, ଦକ୍ଷିଣ - ପ୍ଲଟ୍ ନଂ ୪୫୭, ପୂର୍ବ - ପ୍ଲଟ୍ ନଂ ୪୫୫, ପଶ୍ଚିମ - ସରକାରୀ ଜମି।
(ଗ) ସମ୍ପତ୍ତି ମାଲିକ: ଶ୍ରୀ ବନମାଳୀ ସାହୁ, ପିତା - ସ୍ୱ. ଗୋବିନ୍ଦ ସାହୁ।
(ଘ) ଦଖଲ ତାରିଖ: ୦୨.୦୨.୨୦୨୨
CERSAI ID: 400022742250 / ୧୦) ୦୨.୦୨.୨୦୨୨ ରେ ଗ୍ରହଣ କରାଯାଇଛି।
ସ୍ଥାନ: ଭୁବନେଶ୍ୱର, ତାରିଖ: ୦୩.୦୨.୨୦୨୨	ସ୍ୱା/- ପ୍ରାଧିକୃତ ଅଧିକାରୀ, କାନ୍‌ରା ବ୍ୟାଙ୍କ
